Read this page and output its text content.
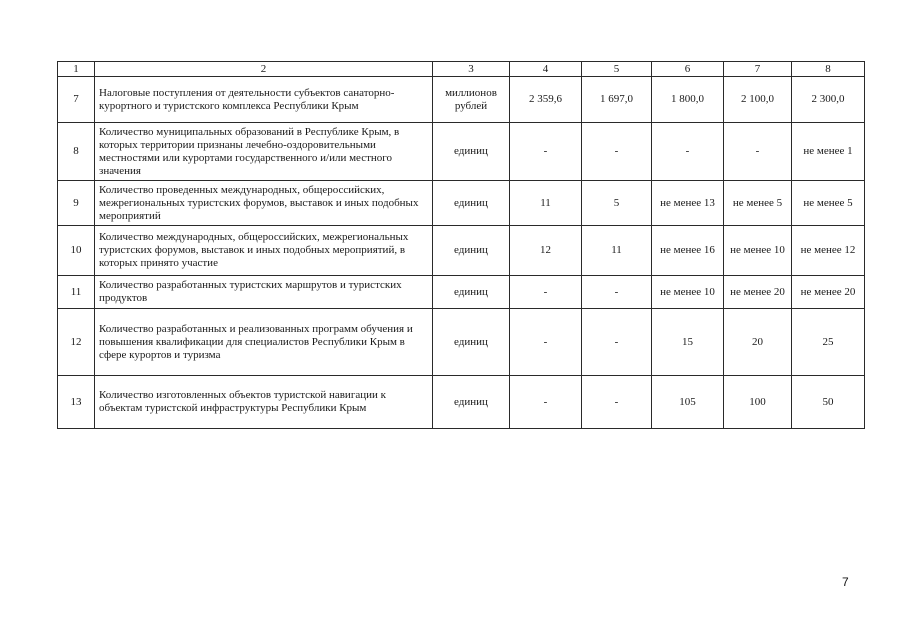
1	2	3	4	5	6	7	8
7	Налоговые поступления от деятельности субъектов санаторно-курортного и туристского комплекса Республики Крым	миллионов рублей	2 359,6	1 697,0	1 800,0	2 100,0	2 300,0
8	Количество муниципальных образований в Республике Крым, в которых территории признаны лечебно-оздоровительными местностями или курортами государственного и/или местного значения	единиц	-	-	-	-	не менее 1
9	Количество проведенных международных, общероссийских, межрегиональных туристских форумов, выставок и иных подобных мероприятий	единиц	11	5	не менее 13	не менее 5	не менее 5
10	Количество международных, общероссийских, межрегиональных туристских форумов, выставок и иных подобных мероприятий, в которых принято участие	единиц	12	11	не менее 16	не менее 10	не менее 12
11	Количество разработанных туристских маршрутов и туристских продуктов	единиц	-	-	не менее 10	не менее 20	не менее 20
12	Количество разработанных и реализованных программ обучения и повышения квалификации для специалистов Республики Крым в сфере курортов и туризма	единиц	-	-	15	20	25
13	Количество изготовленных объектов туристской навигации к объектам туристской инфраструктуры Республики Крым	единиц	-	-	105	100	50
7
